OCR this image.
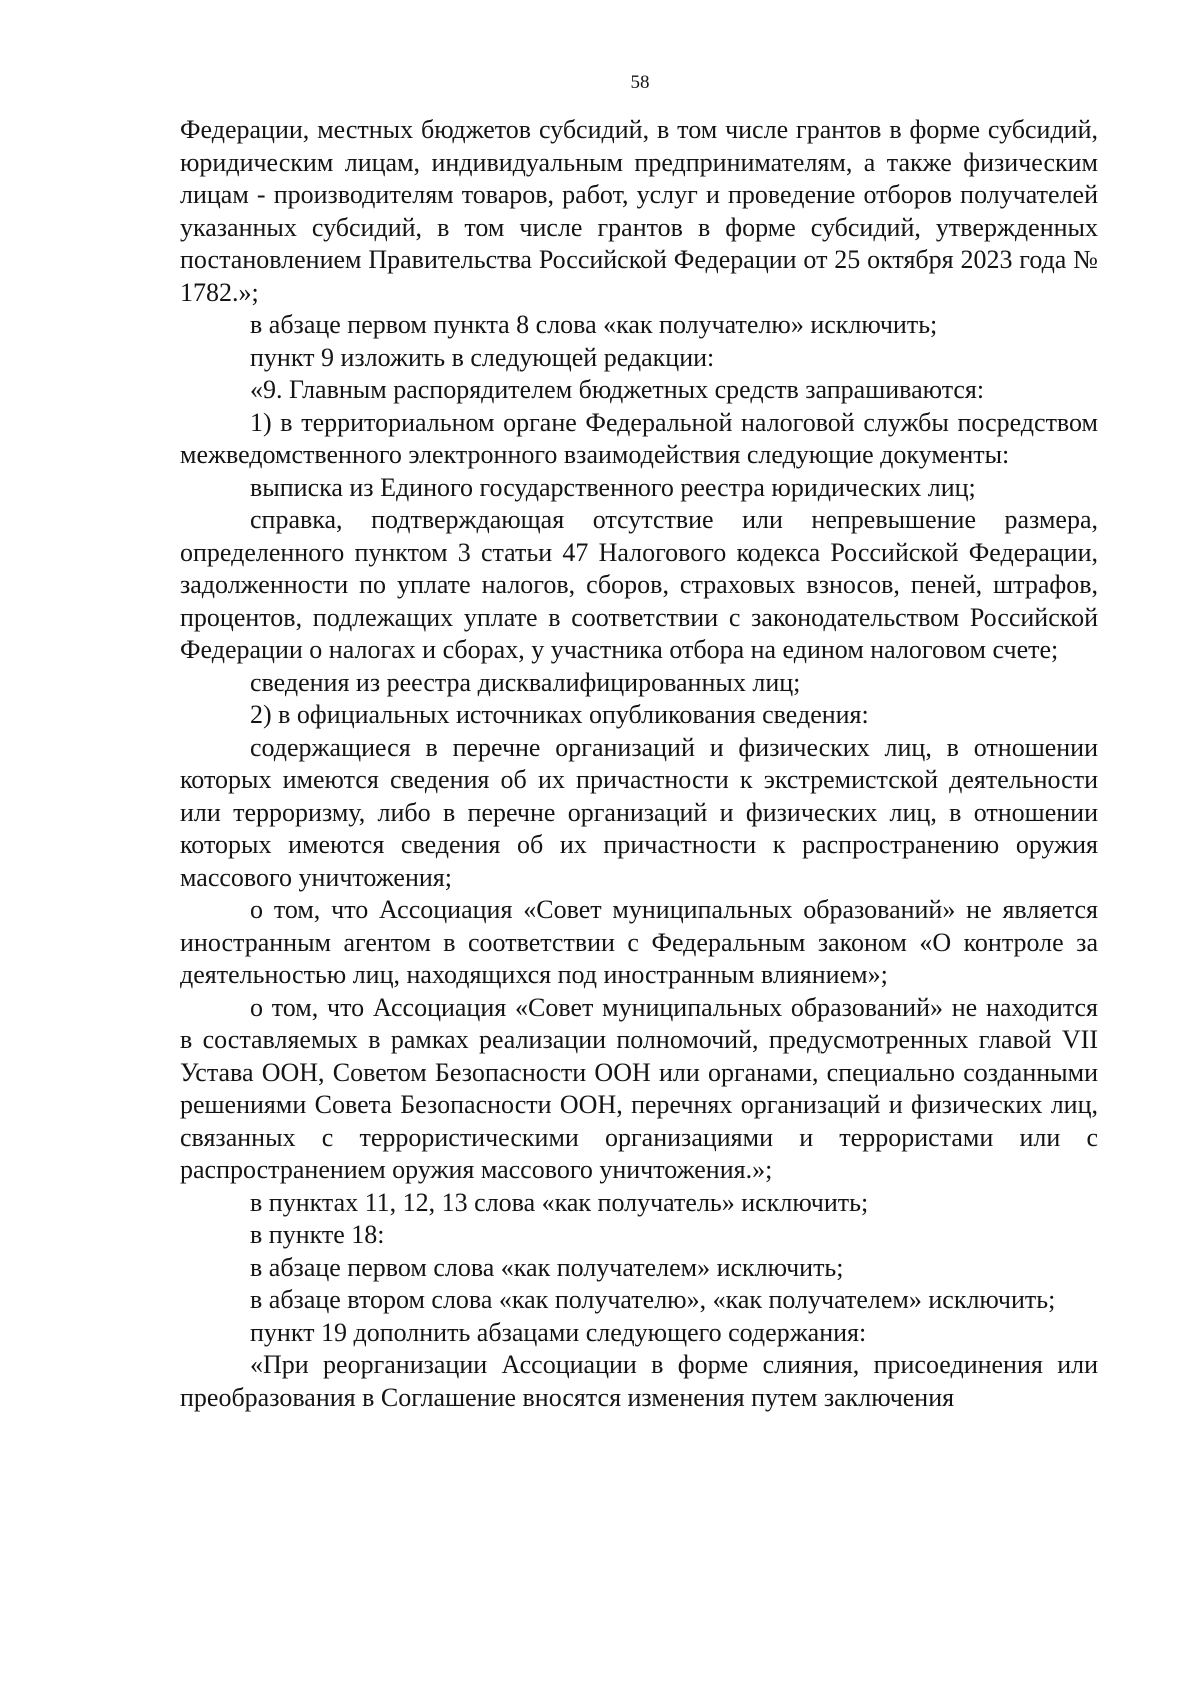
58

Федерации, местных бюджетов субсидий, в том числе грантов в форме субсидий, юридическим лицам, индивидуальным предпринимателям, а также физическим лицам - производителям товаров, работ, услуг и проведение отборов получателей указанных субсидий, в том числе грантов в форме субсидий, утвержденных постановлением Правительства Российской Федерации от 25 октября 2023 года № 1782.»;

в абзаце первом пункта 8 слова «как получателю» исключить;

пункт 9 изложить в следующей редакции:

«9. Главным распорядителем бюджетных средств запрашиваются:

1) в территориальном органе Федеральной налоговой службы посредством межведомственного электронного взаимодействия следующие документы:

выписка из Единого государственного реестра юридических лиц;

справка, подтверждающая отсутствие или непревышение размера, определенного пунктом 3 статьи 47 Налогового кодекса Российской Федерации, задолженности по уплате налогов, сборов, страховых взносов, пеней, штрафов, процентов, подлежащих уплате в соответствии с законодательством Российской Федерации о налогах и сборах, у участника отбора на едином налоговом счете;

сведения из реестра дисквалифицированных лиц;

2) в официальных источниках опубликования сведения:

содержащиеся в перечне организаций и физических лиц, в отношении которых имеются сведения об их причастности к экстремистской деятельности или терроризму, либо в перечне организаций и физических лиц, в отношении которых имеются сведения об их причастности к распространению оружия массового уничтожения;

о том, что Ассоциация «Совет муниципальных образований» не является иностранным агентом в соответствии с Федеральным законом «О контроле за деятельностью лиц, находящихся под иностранным влиянием»;

о том, что Ассоциация «Совет муниципальных образований» не находится в составляемых в рамках реализации полномочий, предусмотренных главой VII Устава ООН, Советом Безопасности ООН или органами, специально созданными решениями Совета Безопасности ООН, перечнях организаций и физических лиц, связанных с террористическими организациями и террористами или с распространением оружия массового уничтожения.»;

в пунктах 11, 12, 13 слова «как получатель» исключить;

в пункте 18:

в абзаце первом слова «как получателем» исключить;

в абзаце втором слова «как получателю», «как получателем» исключить;

пункт 19 дополнить абзацами следующего содержания:

«При реорганизации Ассоциации в форме слияния, присоединения или преобразования в Соглашение вносятся изменения путем заключения
